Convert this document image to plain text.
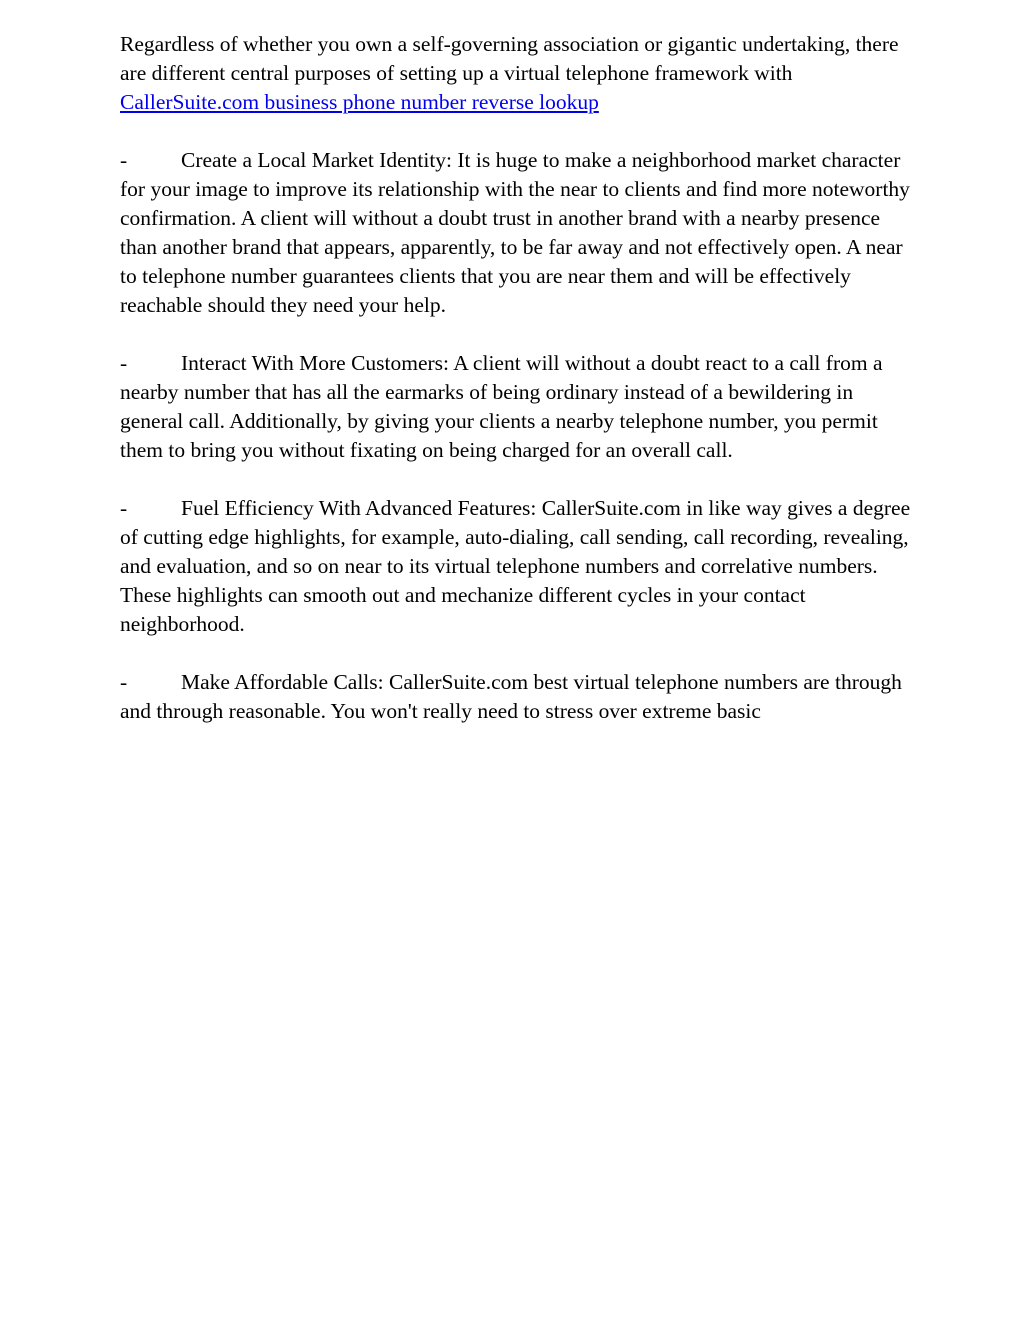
Regardless of whether you own a self-governing association or gigantic undertaking, there are different central purposes of setting up a virtual telephone framework with CallerSuite.com business phone number reverse lookup

-	Create a Local Market Identity: It is huge to make a neighborhood market character for your image to improve its relationship with the near to clients and find more noteworthy confirmation. A client will without a doubt trust in another brand with a nearby presence than another brand that appears, apparently, to be far away and not effectively open. A near to telephone number guarantees clients that you are near them and will be effectively reachable should they need your help.

-	Interact With More Customers: A client will without a doubt react to a call from a nearby number that has all the earmarks of being ordinary instead of a bewildering in general call. Additionally, by giving your clients a nearby telephone number, you permit them to bring you without fixating on being charged for an overall call.

-	Fuel Efficiency With Advanced Features: CallerSuite.com in like way gives a degree of cutting edge highlights, for example, auto-dialing, call sending, call recording, revealing, and evaluation, and so on near to its virtual telephone numbers and correlative numbers. These highlights can smooth out and mechanize different cycles in your contact neighborhood.

-	Make Affordable Calls: CallerSuite.com best virtual telephone numbers are through and through reasonable. You won't really need to stress over extreme basic
